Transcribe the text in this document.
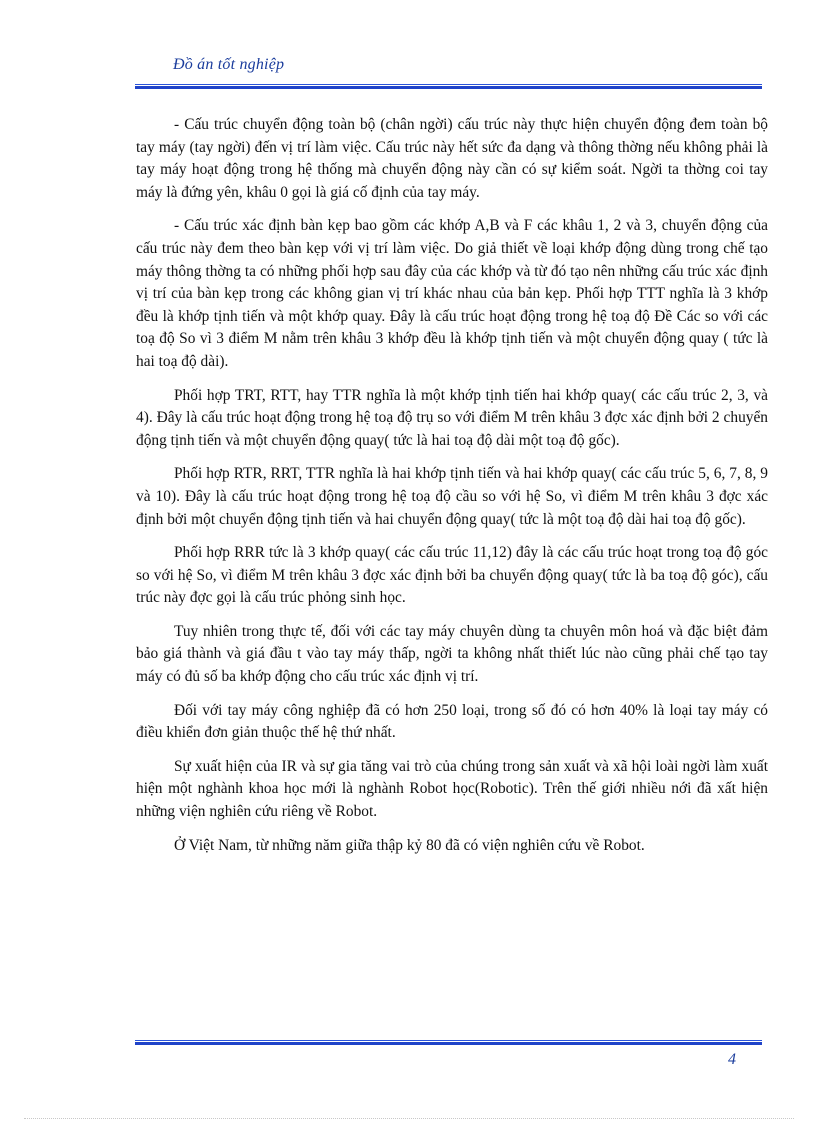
Đồ án tốt nghiệp

- Cấu trúc chuyển động toàn bộ (chân ngời) cấu trúc này thực hiện chuyển động đem toàn bộ tay máy (tay ngời) đến vị trí làm việc. Cấu trúc này hết sức đa dạng và thông thờng nếu không phải là tay máy hoạt động trong hệ thống mà chuyển động này cần có sự kiểm soát. Ngời ta thờng coi tay máy là đứng yên, khâu 0 gọi là giá cố định của tay máy.

- Cấu trúc xác định bàn kẹp bao gồm các khớp A,B và F các khâu 1, 2 và 3, chuyển động của cấu trúc này đem theo bàn kẹp với vị trí làm việc. Do giả thiết về loại khớp động dùng trong chế tạo máy thông thờng ta có những phối hợp sau đây của các khớp và từ đó tạo nên những cấu trúc xác định vị trí của bàn kẹp trong các không gian vị trí khác nhau của bản kẹp. Phối hợp TTT nghĩa là 3 khớp đều là khớp tịnh tiến và một khớp quay. Đây là cấu trúc hoạt động trong hệ toạ độ Đề Các so với các toạ độ So vì 3 điểm M nằm trên khâu 3 khớp đều là khớp tịnh tiến và một chuyển động quay ( tức là hai toạ độ dài).

Phối hợp TRT, RTT, hay TTR nghĩa là một khớp tịnh tiến hai khớp quay( các cấu trúc 2, 3, và 4). Đây là cấu trúc hoạt động trong hệ toạ độ trụ so với điểm M trên khâu 3 đợc xác định bởi 2 chuyển động tịnh tiến và một chuyển động quay( tức là hai toạ độ dài một toạ độ gốc).

Phối hợp RTR, RRT, TTR nghĩa là hai khớp tịnh tiến và hai khớp quay( các cấu trúc 5, 6, 7, 8, 9 và 10). Đây là cấu trúc hoạt động trong hệ toạ độ cầu so với hệ So, vì điểm M trên khâu 3 đợc xác định bởi một chuyển động tịnh tiến và hai chuyển động quay( tức là một toạ độ dài hai toạ độ gốc).

Phối hợp RRR tức là 3 khớp quay( các cấu trúc 11,12) đây là các cấu trúc hoạt trong toạ độ góc so với hệ So, vì điểm M trên khâu 3 đợc xác định bởi ba chuyển động quay( tức là ba toạ độ góc), cấu trúc này đợc gọi là cấu trúc phỏng sinh học.

Tuy nhiên trong thực tế, đối với các tay máy chuyên dùng ta chuyên môn hoá và đặc biệt đảm bảo giá thành và giá đầu t vào tay máy thấp, ngời ta không nhất thiết lúc nào cũng phải chế tạo tay máy có đủ số ba khớp động cho cấu trúc xác định vị trí.

Đối với tay máy công nghiệp đã có hơn 250 loại, trong số đó có hơn 40% là loại tay máy có điều khiển đơn giản thuộc thế hệ thứ nhất.

Sự xuất hiện của IR và sự gia tăng vai trò của chúng trong sản xuất và xã hội loài ngời làm xuất hiện một nghành khoa học mới là nghành Robot học(Robotic). Trên thế giới nhiều nới đã xất hiện những viện nghiên cứu riêng về Robot.

Ở Việt Nam, từ những năm giữa thập kỷ 80 đã có viện nghiên cứu về Robot.

4
